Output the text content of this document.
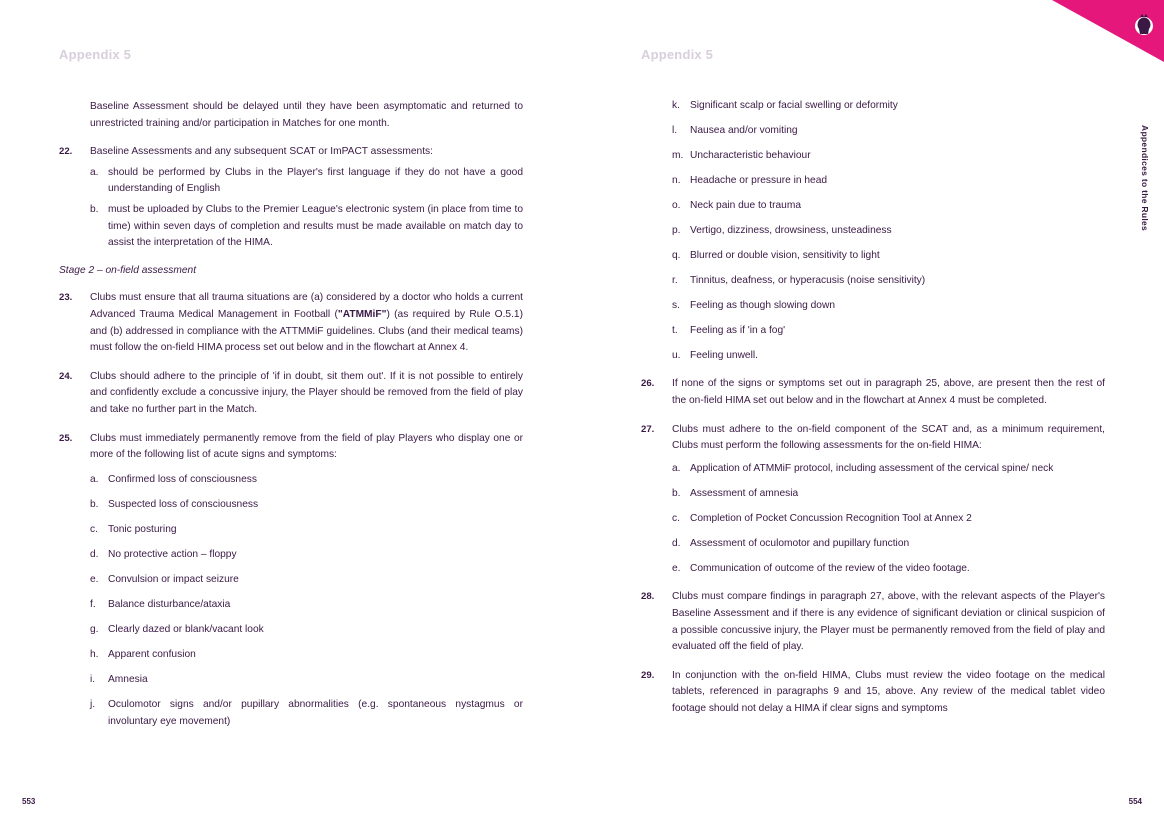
Appendix 5
Baseline Assessment should be delayed until they have been asymptomatic and returned to unrestricted training and/or participation in Matches for one month.
22. Baseline Assessments and any subsequent SCAT or ImPACT assessments:
a. should be performed by Clubs in the Player's first language if they do not have a good understanding of English
b. must be uploaded by Clubs to the Premier League's electronic system (in place from time to time) within seven days of completion and results must be made available on match day to assist the interpretation of the HIMA.
Stage 2 – on-field assessment
23. Clubs must ensure that all trauma situations are (a) considered by a doctor who holds a current Advanced Trauma Medical Management in Football ("ATMMiF") (as required by Rule O.5.1) and (b) addressed in compliance with the ATTMMiF guidelines. Clubs (and their medical teams) must follow the on-field HIMA process set out below and in the flowchart at Annex 4.
24. Clubs should adhere to the principle of 'if in doubt, sit them out'. If it is not possible to entirely and confidently exclude a concussive injury, the Player should be removed from the field of play and take no further part in the Match.
25. Clubs must immediately permanently remove from the field of play Players who display one or more of the following list of acute signs and symptoms:
a. Confirmed loss of consciousness
b. Suspected loss of consciousness
c. Tonic posturing
d. No protective action – floppy
e. Convulsion or impact seizure
f. Balance disturbance/ataxia
g. Clearly dazed or blank/vacant look
h. Apparent confusion
i. Amnesia
j. Oculomotor signs and/or pupillary abnormalities (e.g. spontaneous nystagmus or involuntary eye movement)
553
Appendix 5
k. Significant scalp or facial swelling or deformity
l. Nausea and/or vomiting
m. Uncharacteristic behaviour
n. Headache or pressure in head
o. Neck pain due to trauma
p. Vertigo, dizziness, drowsiness, unsteadiness
q. Blurred or double vision, sensitivity to light
r. Tinnitus, deafness, or hyperacusis (noise sensitivity)
s. Feeling as though slowing down
t. Feeling as if 'in a fog'
u. Feeling unwell.
26. If none of the signs or symptoms set out in paragraph 25, above, are present then the rest of the on-field HIMA set out below and in the flowchart at Annex 4 must be completed.
27. Clubs must adhere to the on-field component of the SCAT and, as a minimum requirement, Clubs must perform the following assessments for the on-field HIMA:
a. Application of ATMMiF protocol, including assessment of the cervical spine/ neck
b. Assessment of amnesia
c. Completion of Pocket Concussion Recognition Tool at Annex 2
d. Assessment of oculomotor and pupillary function
e. Communication of outcome of the review of the video footage.
28. Clubs must compare findings in paragraph 27, above, with the relevant aspects of the Player's Baseline Assessment and if there is any evidence of significant deviation or clinical suspicion of a possible concussive injury, the Player must be permanently removed from the field of play and evaluated off the field of play.
29. In conjunction with the on-field HIMA, Clubs must review the video footage on the medical tablets, referenced in paragraphs 9 and 15, above. Any review of the medical tablet video footage should not delay a HIMA if clear signs and symptoms
Appendices to the Rules
554
